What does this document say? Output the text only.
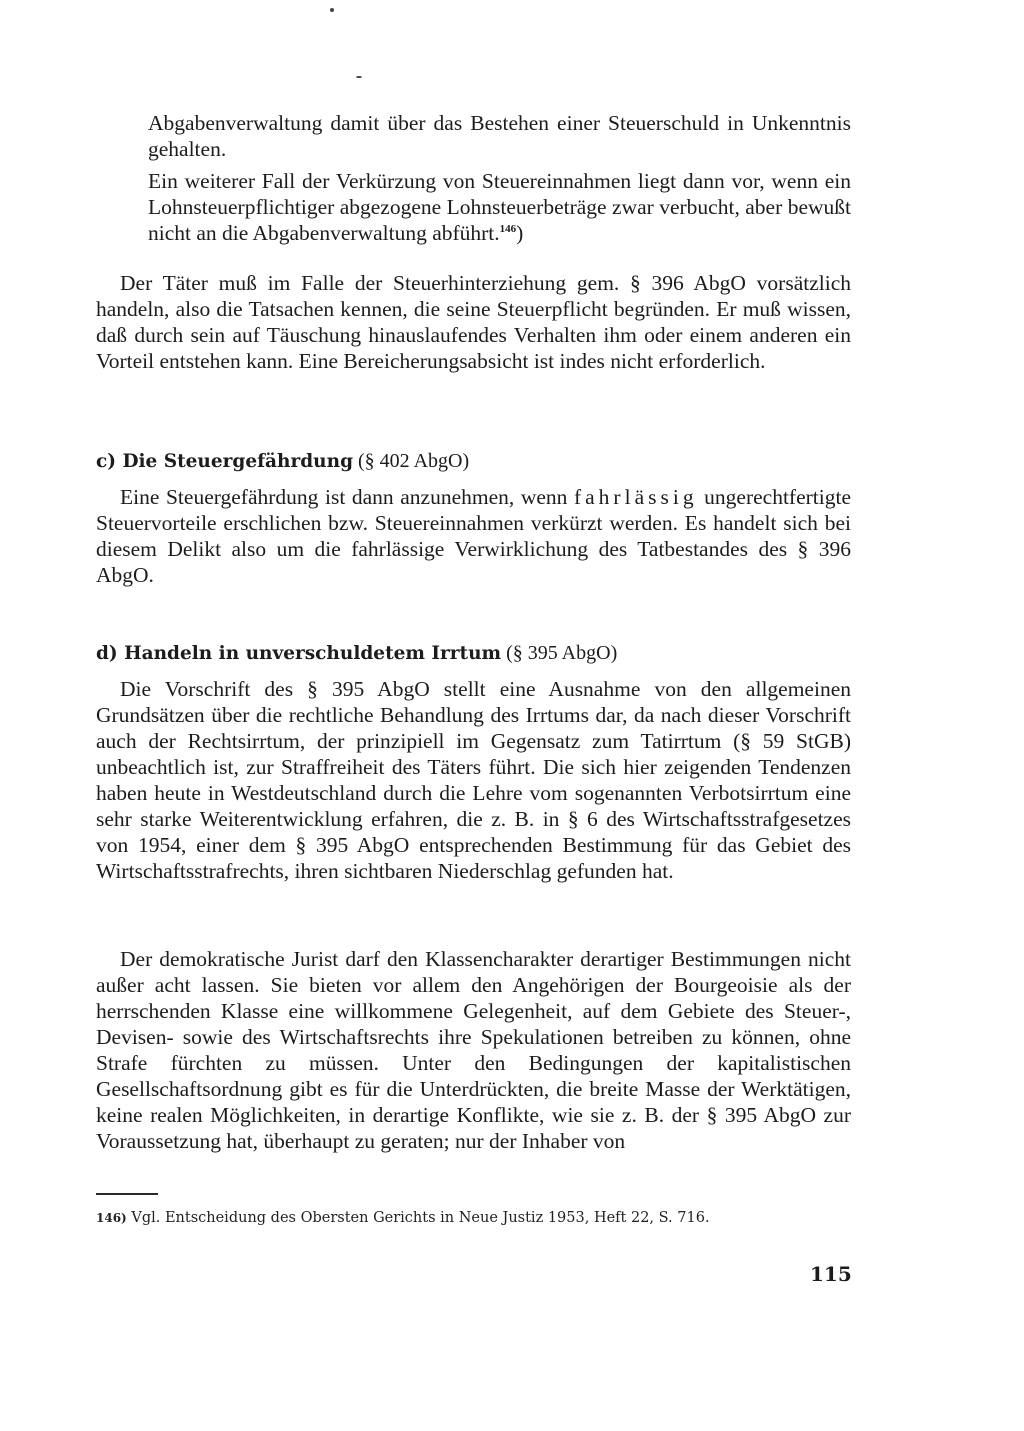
Abgabenverwaltung damit über das Bestehen einer Steuerschuld in Unkenntnis gehalten.

Ein weiterer Fall der Verkürzung von Steuereinnahmen liegt dann vor, wenn ein Lohnsteuerpflichtiger abgezogene Lohnsteuerbeträge zwar verbucht, aber bewußt nicht an die Abgabenverwaltung abführt.$^{146}$)

Der Täter muß im Falle der Steuerhinterziehung gem. § 396 AbgO vorsätzlich handeln, also die Tatsachen kennen, die seine Steuerpflicht begründen. Er muß wissen, daß durch sein auf Täuschung hinauslaufendes Verhalten ihm oder einem anderen ein Vorteil entstehen kann. Eine Bereicherungsabsicht ist indes nicht erforderlich.

c) Die Steuergefährdung (§ 402 AbgO)

Eine Steuergefährdung ist dann anzunehmen, wenn fahrlässig ungerechtfertigte Steuervorteile erschlichen bzw. Steuereinnahmen verkürzt werden. Es handelt sich bei diesem Delikt also um die fahrlässige Verwirklichung des Tatbestandes des § 396 AbgO.

d) Handeln in unverschuldetem Irrtum (§ 395 AbgO)

Die Vorschrift des § 395 AbgO stellt eine Ausnahme von den allgemeinen Grundsätzen über die rechtliche Behandlung des Irrtums dar, da nach dieser Vorschrift auch der Rechtsirrtum, der prinzipiell im Gegensatz zum Tatirrtum (§ 59 StGB) unbeachtlich ist, zur Straffreiheit des Täters führt. Die sich hier zeigenden Tendenzen haben heute in Westdeutschland durch die Lehre vom sogenannten Verbotsirrtum eine sehr starke Weiterentwicklung erfahren, die z. B. in § 6 des Wirtschaftsstrafgesetzes von 1954, einer dem § 395 AbgO entsprechenden Bestimmung für das Gebiet des Wirtschaftsstrafrechts, ihren sichtbaren Niederschlag gefunden hat.

Der demokratische Jurist darf den Klassencharakter derartiger Bestimmungen nicht außer acht lassen. Sie bieten vor allem den Angehörigen der Bourgeoisie als der herrschenden Klasse eine willkommene Gelegenheit, auf dem Gebiete des Steuer-, Devisen- sowie des Wirtschaftsrechts ihre Spekulationen betreiben zu können, ohne Strafe fürchten zu müssen. Unter den Bedingungen der kapitalistischen Gesellschaftsordnung gibt es für die Unterdrückten, die breite Masse der Werktätigen, keine realen Möglichkeiten, in derartige Konflikte, wie sie z. B. der § 395 AbgO zur Voraussetzung hat, überhaupt zu geraten; nur der Inhaber von

146) Vgl. Entscheidung des Obersten Gerichts in Neue Justiz 1953, Heft 22, S. 716.
115
